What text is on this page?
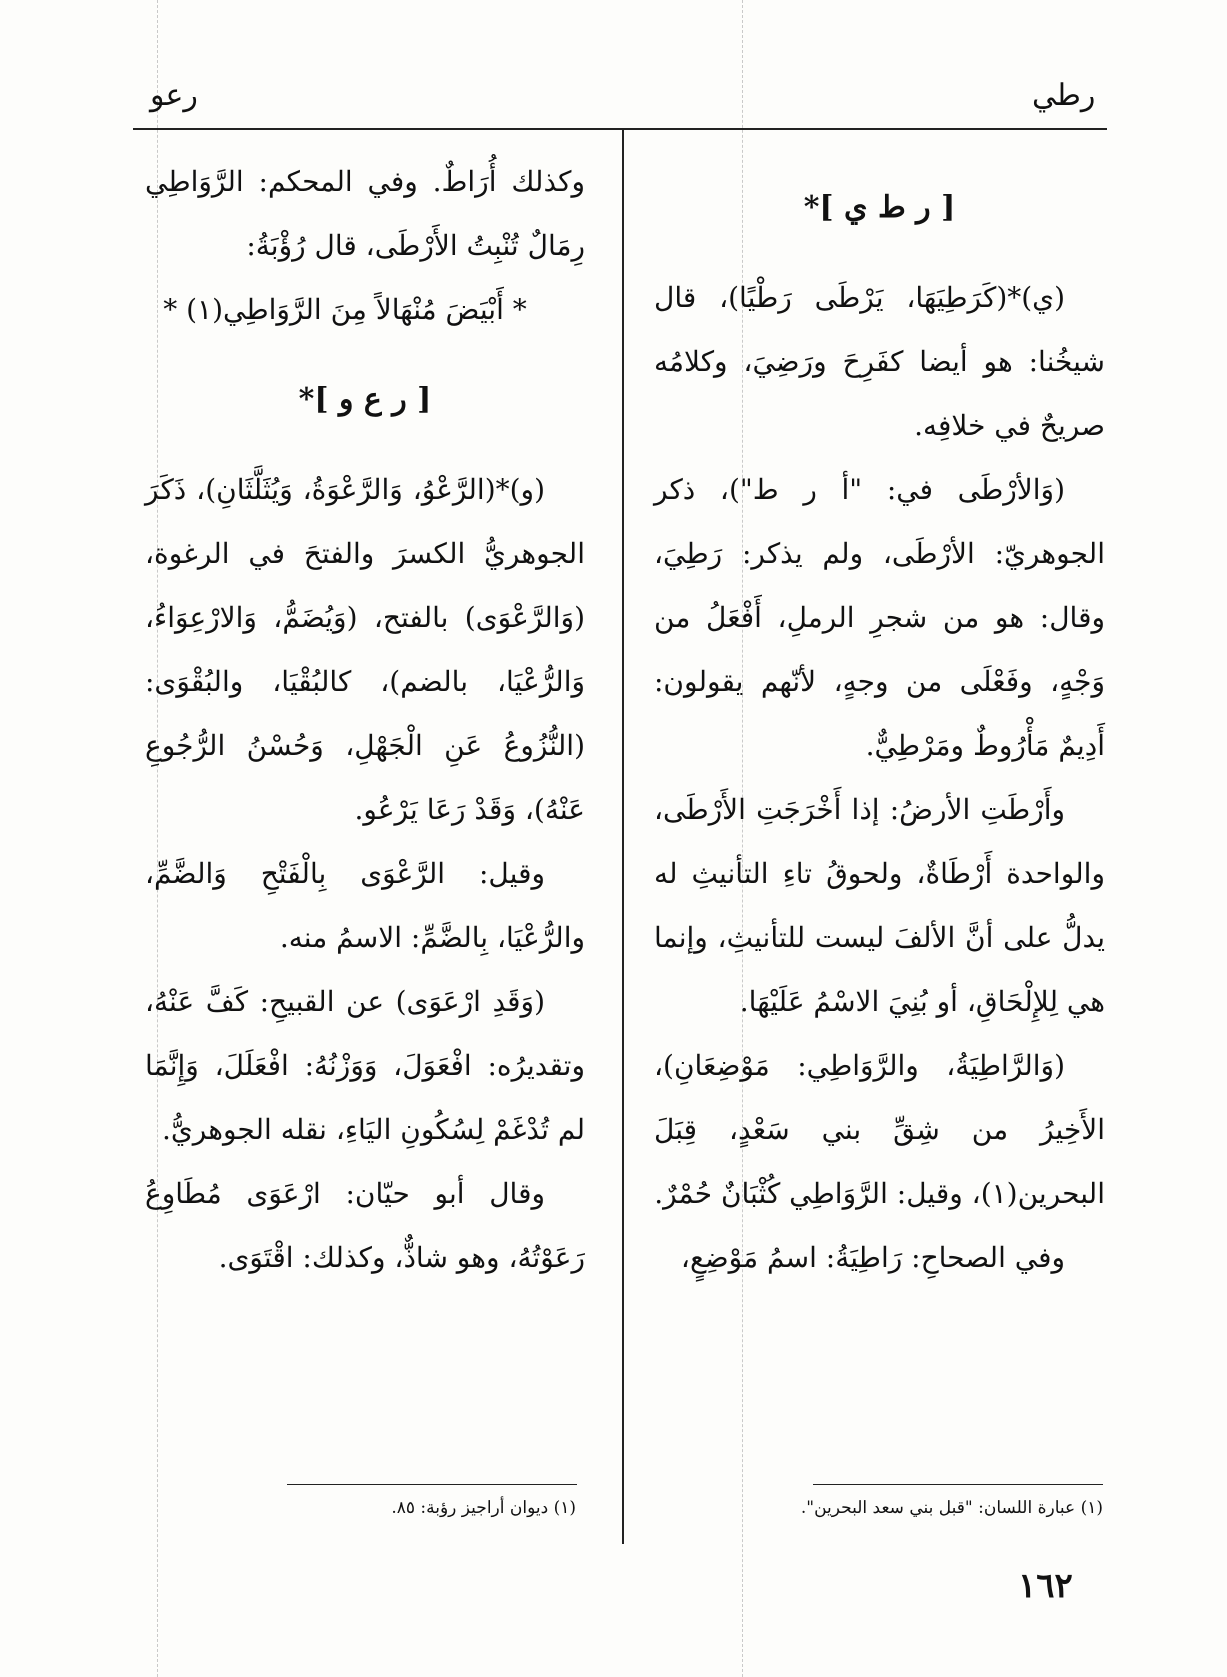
رطي
رعو
[ ر ط ي ]*

(ي)*(كَرَطِيَهَا، يَرْطَى رَطْيًا)، قال شيخُنا: هو أيضا كفَرِحَ ورَضِيَ، وكلامُه صريحٌ في خلافِه.

(وَالأرْطَى في: "أ ر ط")، ذكر الجوهريّ: الأرْطَى، ولم يذكر: رَطِيَ، وقال: هو من شجرِ الرملِ، أَفْعَلُ من وَجْهٍ، وفَعْلَى من وجهٍ، لأنّهم يقولون: أَدِيمٌ مَأْرُوطٌ ومَرْطِيٌّ.

وأَرْطَتِ الأرضُ: إذا أَخْرَجَتِ الأَرْطَى، والواحدة أَرْطَاةٌ، ولحوقُ تاءِ التأنيثِ له يدلُّ على أنَّ الألفَ ليست للتأنيثِ، وإنما هي لِلإِلْحَاقِ، أو بُنِيَ الاسْمُ عَلَيْهَا.

(وَالرَّاطِيَةُ، والرَّوَاطِي: مَوْضِعَانِ)، الأَخِيرُ من شِقِّ بني سَعْدٍ، قِبَلَ البحرين(١)، وقيل: الرَّوَاطِي كُثْبَانٌ حُمْرٌ.

وفي الصحاحِ: رَاطِيَةُ: اسمُ مَوْضِعٍ،

وكذلك أُرَاطٌ. وفي المحكم: الرَّوَاطِي رِمَالٌ تُنْبِتُ الأَرْطَى، قال رُؤْبَةُ:

* أَبْيَضَ مُنْهَالاً مِنَ الرَّوَاطِي(١) *

[ ر ع و ]*

(و)*(الرَّعْوُ، وَالرَّعْوَةُ، وَيُثَلَّثَانِ)، ذَكَرَ الجوهريُّ الكسرَ والفتحَ في الرغوة، (وَالرَّعْوَى) بالفتح، (وَيُضَمُّ، وَالارْعِوَاءُ، وَالرُّعْيَا، بالضم)، كالبُقْيَا، والبُقْوَى: (النُّزُوعُ عَنِ الْجَهْلِ، وَحُسْنُ الرُّجُوعِ عَنْهُ)، وَقَدْ رَعَا يَرْعُو.

وقيل: الرَّعْوَى بِالْفَتْحِ وَالضَّمِّ، والرُّعْيَا، بِالضَّمِّ: الاسمُ منه.

(وَقَدِ ارْعَوَى) عن القبيحِ: كَفَّ عَنْهُ، وتقديرُه: افْعَوَلَ، وَوَزْنُهُ: افْعَلَلَ، وَإِنَّمَا لم تُدْغَمْ لِسُكُونِ اليَاءِ، نقله الجوهريُّ.

وقال أبو حيّان: ارْعَوَى مُطَاوِعُ رَعَوْتُهُ، وهو شاذٌّ، وكذلك: اقْتَوَى.

(١) عبارة اللسان: "قبل بني سعد البحرين".
(١) ديوان أراجيز رؤبة: ٨٥.
١٦٢
